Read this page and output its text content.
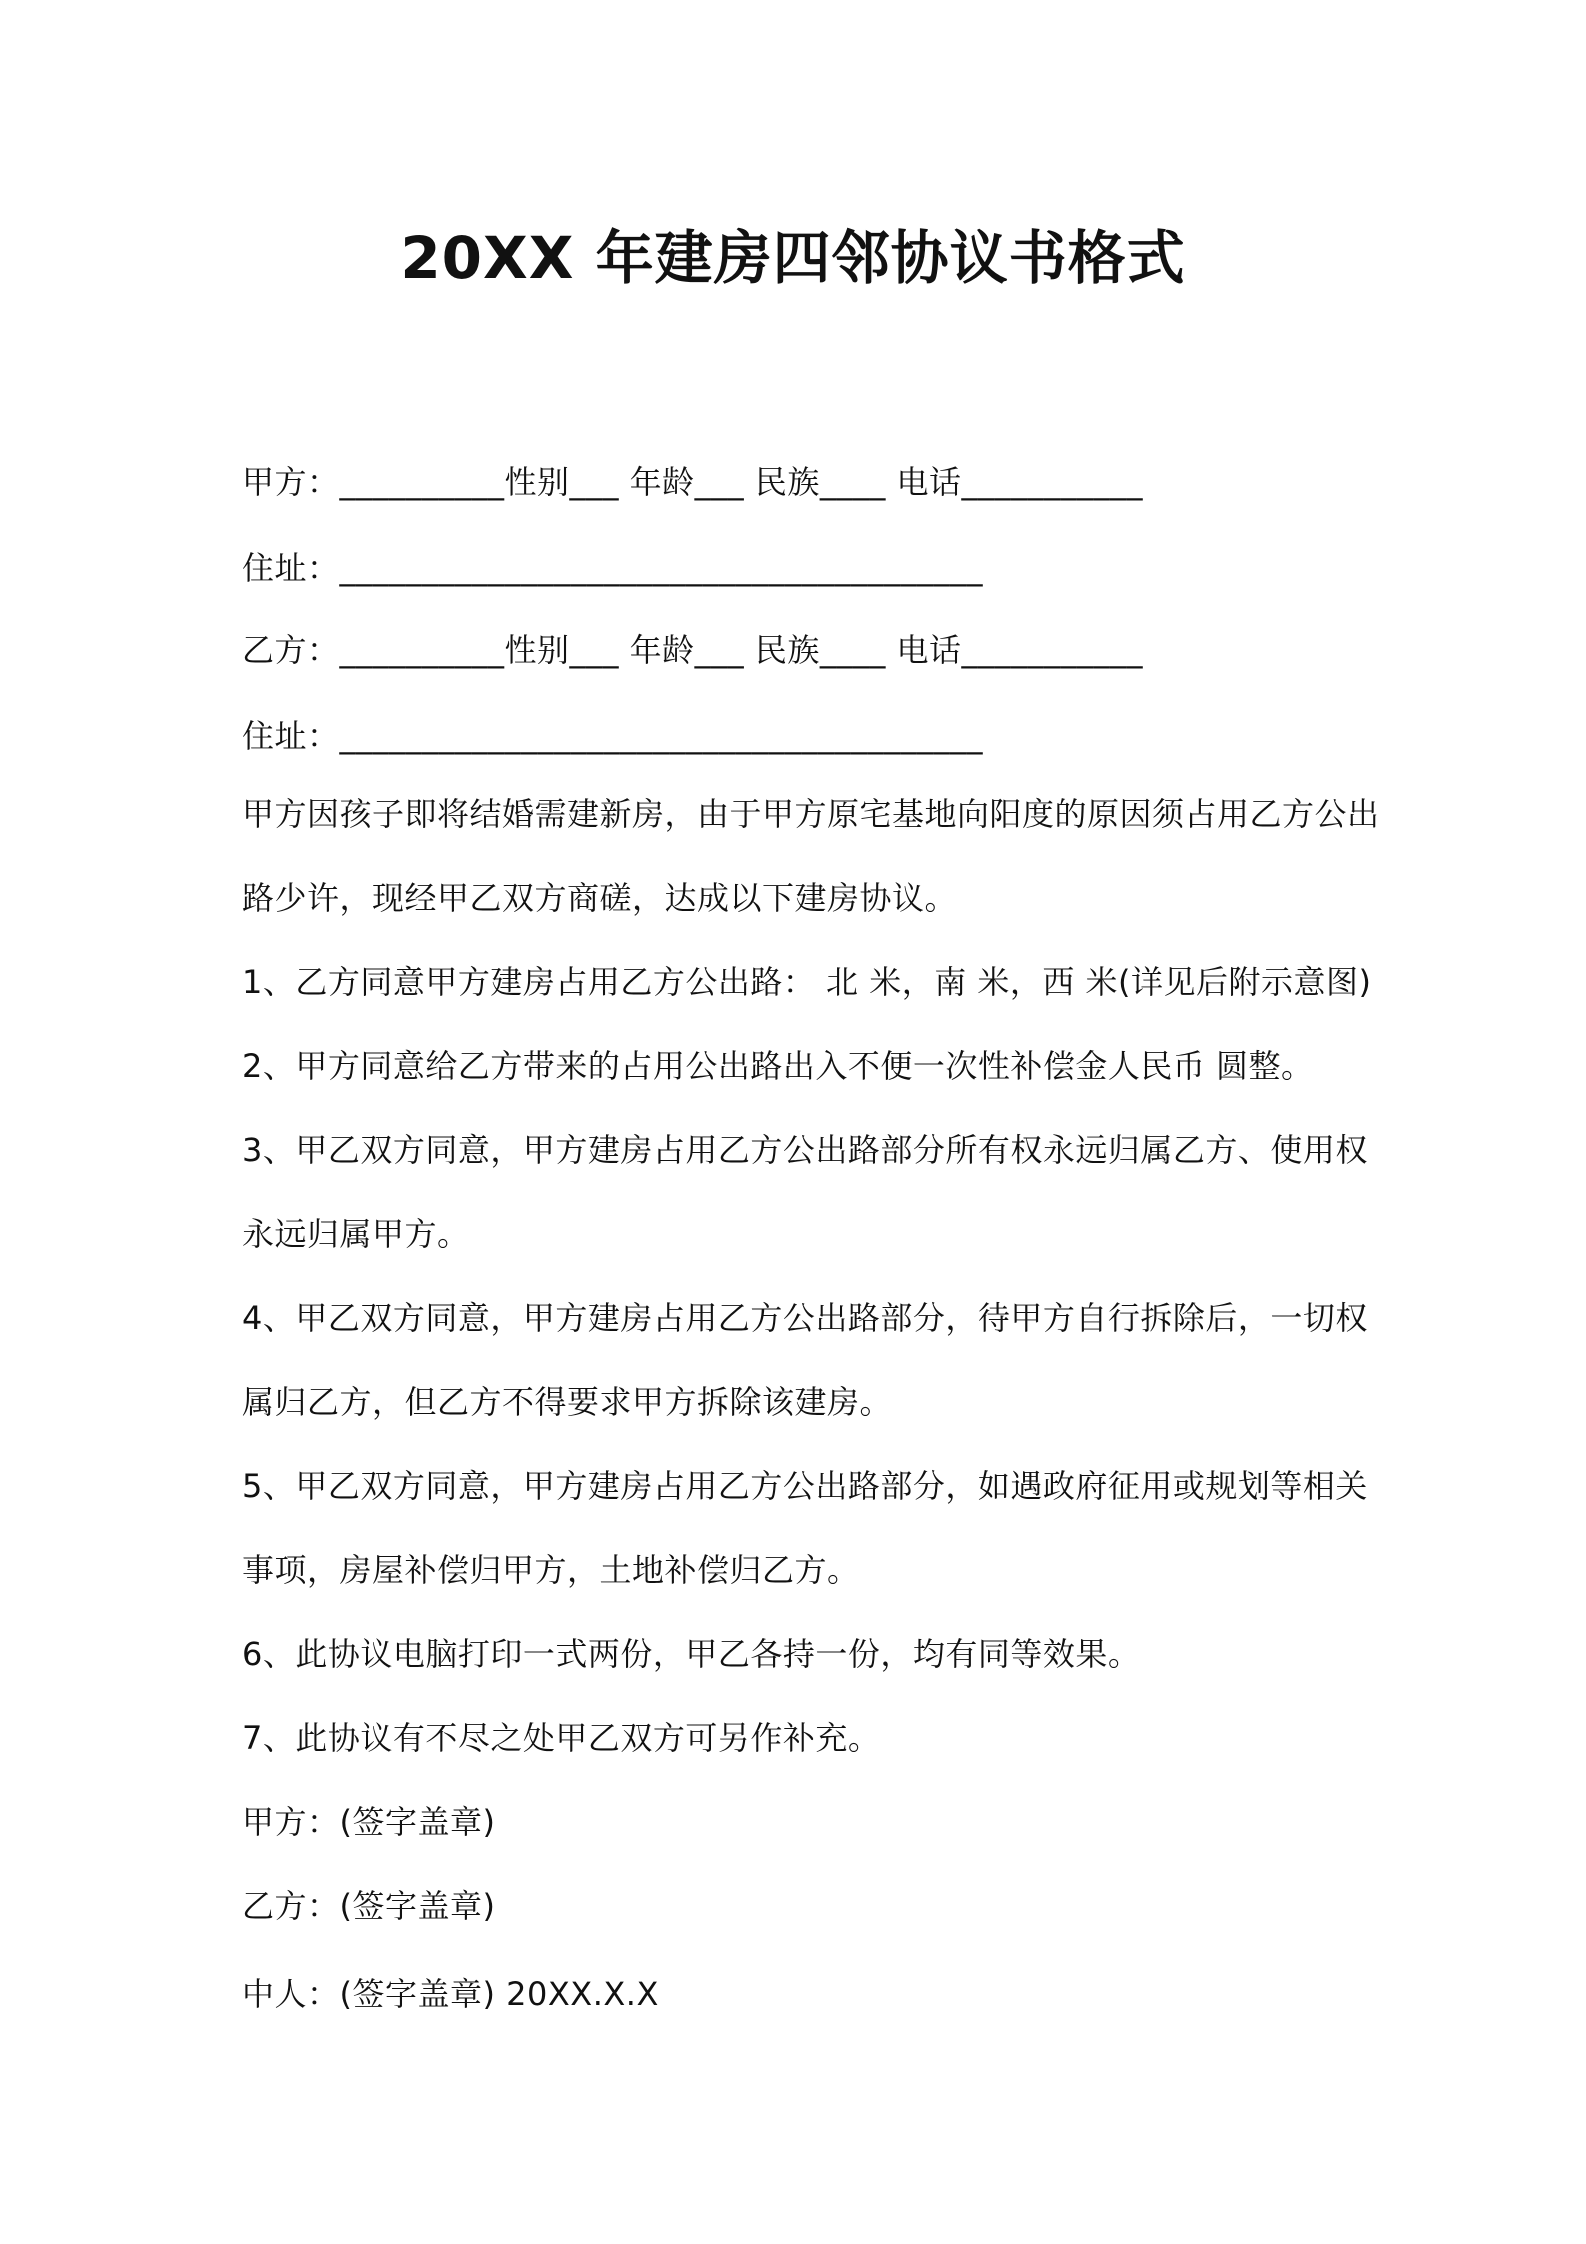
20XX 年建房四邻协议书格式
甲方：__________性别___ 年龄___ 民族____ 电话___________
住址：_______________________________________
乙方：__________性别___ 年龄___ 民族____ 电话___________
住址：_______________________________________
甲方因孩子即将结婚需建新房，由于甲方原宅基地向阳度的原因须占用乙方公出
路少许，现经甲乙双方商磋，达成以下建房协议。
1、乙方同意甲方建房占用乙方公出路： 北 米，南 米，西 米(详见后附示意图)
2、甲方同意给乙方带来的占用公出路出入不便一次性补偿金人民币 圆整。
3、甲乙双方同意，甲方建房占用乙方公出路部分所有权永远归属乙方、使用权
永远归属甲方。
4、甲乙双方同意，甲方建房占用乙方公出路部分，待甲方自行拆除后，一切权
属归乙方，但乙方不得要求甲方拆除该建房。
5、甲乙双方同意，甲方建房占用乙方公出路部分，如遇政府征用或规划等相关
事项，房屋补偿归甲方，土地补偿归乙方。
6、此协议电脑打印一式两份，甲乙各持一份，均有同等效果。
7、此协议有不尽之处甲乙双方可另作补充。
甲方：(签字盖章)
乙方：(签字盖章)
中人：(签字盖章) 20XX.X.X
